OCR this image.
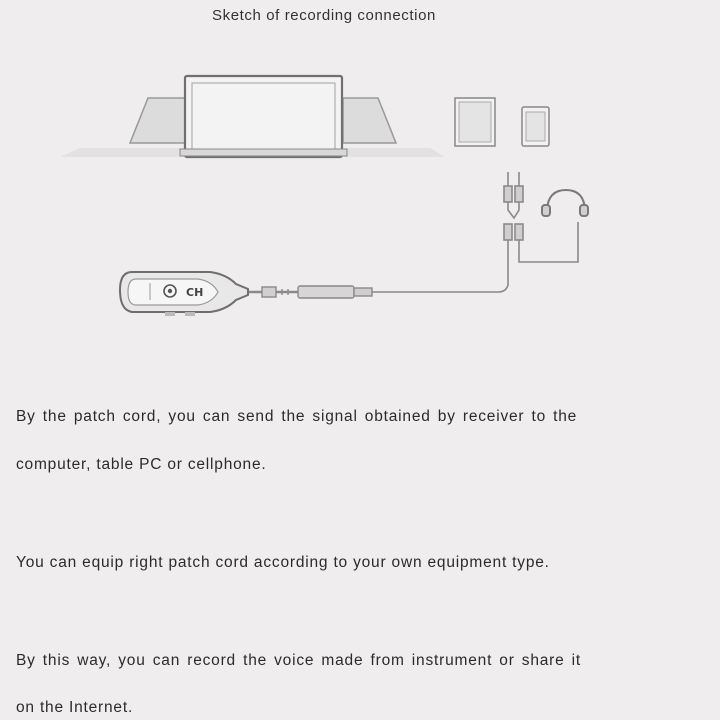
Sketch of recording connection
CH
By the patch cord, you can send the signal obtained by receiver to the
computer, table PC or cellphone.
You can equip right patch cord according to your own equipment type.
By this way, you can record the voice made from instrument or share it
on the Internet.
